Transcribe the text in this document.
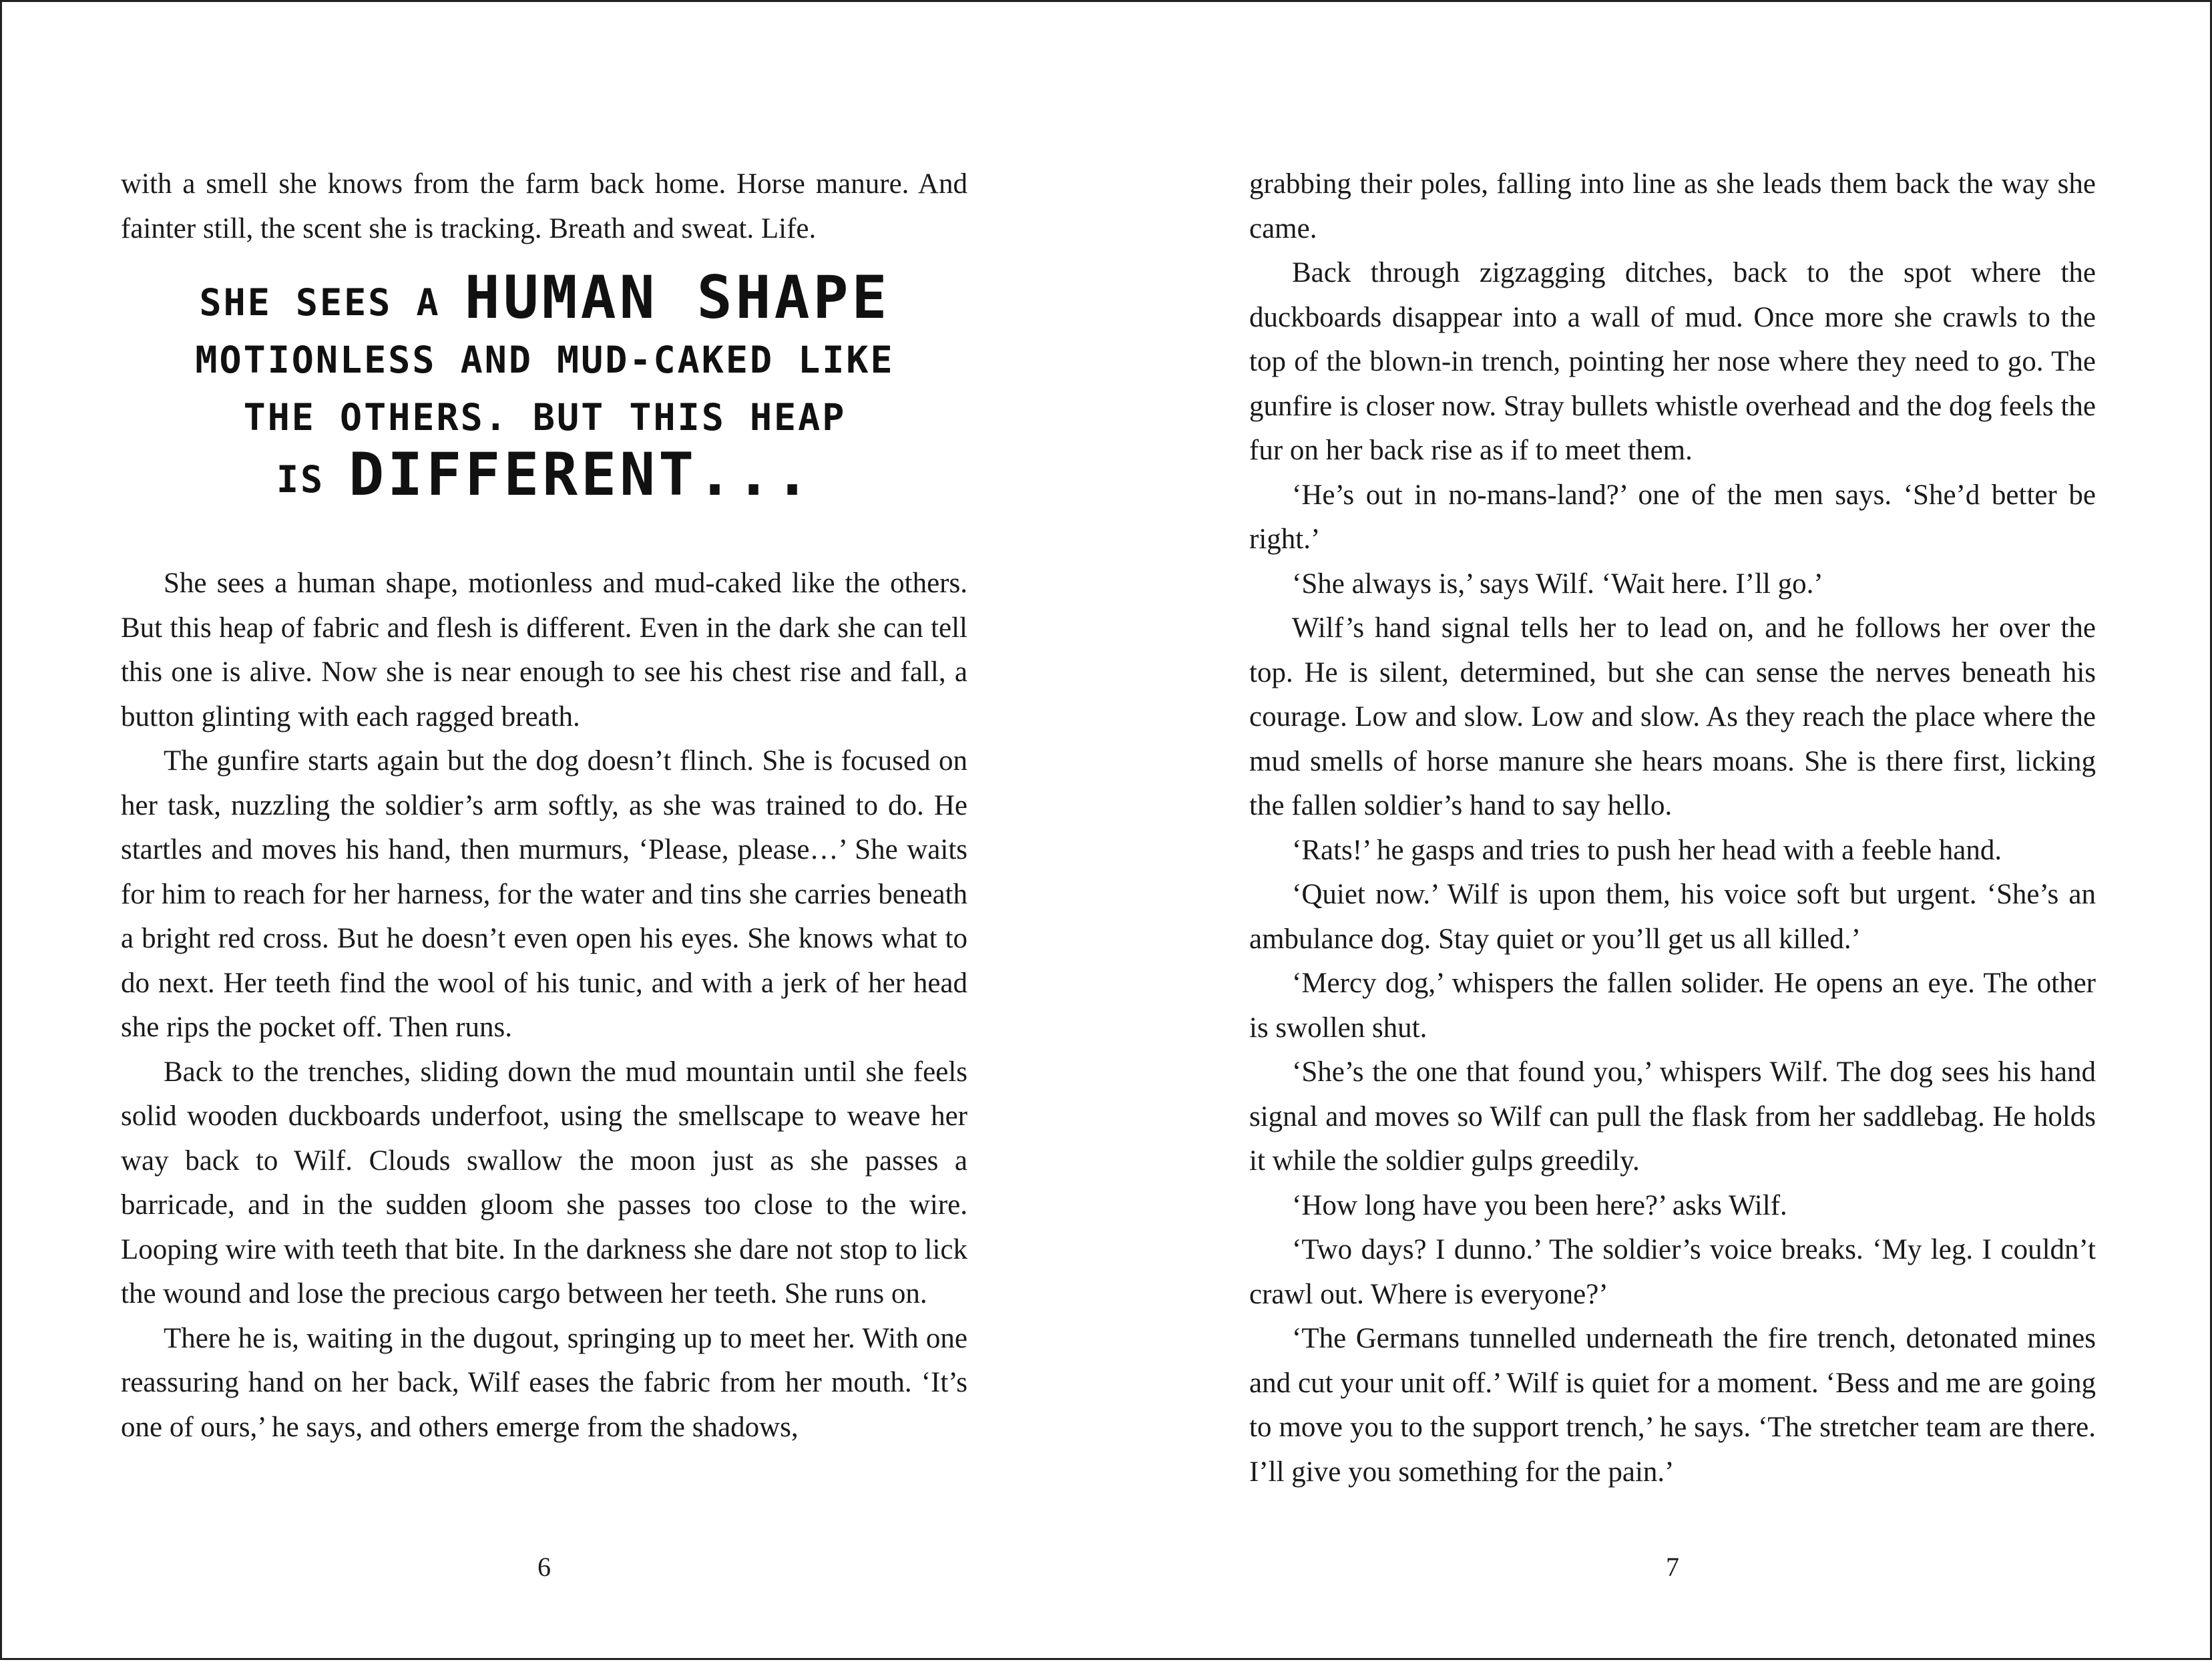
with a smell she knows from the farm back home. Horse manure. And fainter still, the scent she is tracking. Breath and sweat. Life.

SHE SEES A HUMAN SHAPE
MOTIONLESS AND MUD-CAKED LIKE
THE OTHERS. BUT THIS HEAP
IS DIFFERENT...

She sees a human shape, motionless and mud-caked like the others. But this heap of fabric and flesh is different. Even in the dark she can tell this one is alive. Now she is near enough to see his chest rise and fall, a button glinting with each ragged breath.

The gunfire starts again but the dog doesn’t flinch. She is focused on her task, nuzzling the soldier’s arm softly, as she was trained to do. He startles and moves his hand, then murmurs, ‘Please, please…’ She waits for him to reach for her harness, for the water and tins she carries beneath a bright red cross. But he doesn’t even open his eyes. She knows what to do next. Her teeth find the wool of his tunic, and with a jerk of her head she rips the pocket off. Then runs.

Back to the trenches, sliding down the mud mountain until she feels solid wooden duckboards underfoot, using the smellscape to weave her way back to Wilf. Clouds swallow the moon just as she passes a barricade, and in the sudden gloom she passes too close to the wire. Looping wire with teeth that bite. In the darkness she dare not stop to lick the wound and lose the precious cargo between her teeth. She runs on.

There he is, waiting in the dugout, springing up to meet her. With one reassuring hand on her back, Wilf eases the fabric from her mouth. ‘It’s one of ours,’ he says, and others emerge from the shadows,

6

grabbing their poles, falling into line as she leads them back the way she came.

Back through zigzagging ditches, back to the spot where the duckboards disappear into a wall of mud. Once more she crawls to the top of the blown-in trench, pointing her nose where they need to go. The gunfire is closer now. Stray bullets whistle overhead and the dog feels the fur on her back rise as if to meet them.

‘He’s out in no-mans-land?’ one of the men says. ‘She’d better be right.’

‘She always is,’ says Wilf. ‘Wait here. I’ll go.’

Wilf’s hand signal tells her to lead on, and he follows her over the top. He is silent, determined, but she can sense the nerves beneath his courage. Low and slow. Low and slow. As they reach the place where the mud smells of horse manure she hears moans. She is there first, licking the fallen soldier’s hand to say hello.

‘Rats!’ he gasps and tries to push her head with a feeble hand.

‘Quiet now.’ Wilf is upon them, his voice soft but urgent. ‘She’s an ambulance dog. Stay quiet or you’ll get us all killed.’

‘Mercy dog,’ whispers the fallen solider. He opens an eye. The other is swollen shut.

‘She’s the one that found you,’ whispers Wilf. The dog sees his hand signal and moves so Wilf can pull the flask from her saddlebag. He holds it while the soldier gulps greedily.

‘How long have you been here?’ asks Wilf.

‘Two days? I dunno.’ The soldier’s voice breaks. ‘My leg. I couldn’t crawl out. Where is everyone?’

‘The Germans tunnelled underneath the fire trench, detonated mines and cut your unit off.’ Wilf is quiet for a moment. ‘Bess and me are going to move you to the support trench,’ he says. ‘The stretcher team are there. I’ll give you something for the pain.’

7
